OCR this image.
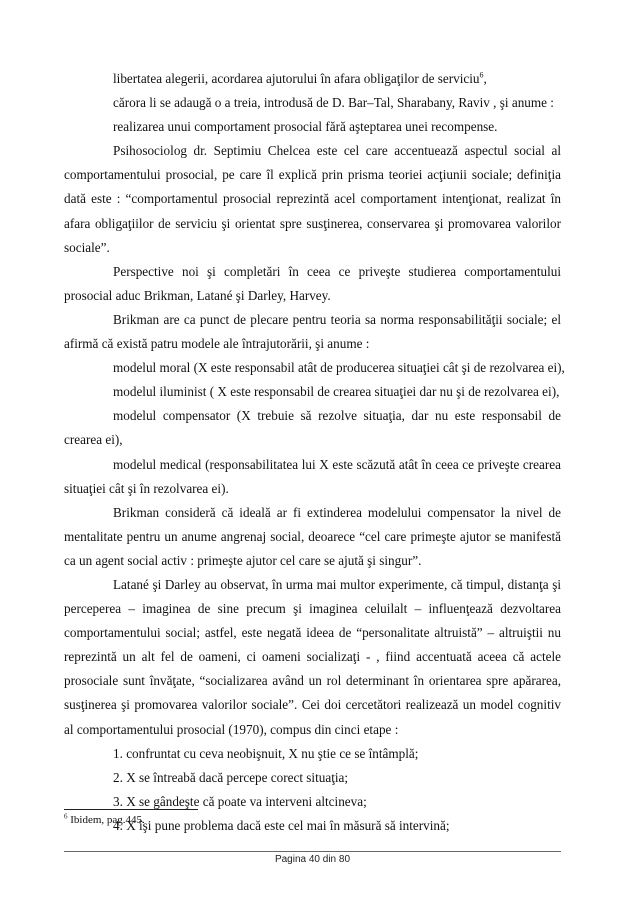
libertatea alegerii, acordarea ajutorului în afara obligaţilor de serviciu$^6$,

cărora li se adaugă o a treia, introdusă de D. Bar–Tal, Sharabany, Raviv , şi anume :

realizarea unui comportament prosocial fără aşteptarea unei recompense.

Psihosociolog dr. Septimiu Chelcea este cel care accentuează aspectul social al comportamentului prosocial, pe care îl explică prin prisma teoriei acţiunii sociale; definiţia dată este : “comportamentul prosocial reprezintă acel comportament intenţionat, realizat în afara obligaţiilor de serviciu şi orientat spre susţinerea, conservarea şi promovarea valorilor sociale”.

Perspective noi şi completări în ceea ce priveşte studierea comportamentului prosocial aduc Brikman, Latané şi Darley, Harvey.

Brikman are ca punct de plecare pentru teoria sa norma responsabilităţii sociale; el afirmă că există patru modele ale întrajutorării, şi anume :

modelul moral (X este responsabil atât de producerea situaţiei cât şi de rezolvarea ei),

modelul iluminist ( X este responsabil de crearea situaţiei dar nu şi de rezolvarea ei),

modelul compensator (X trebuie să rezolve situaţia, dar nu este responsabil de crearea ei),

modelul medical (responsabilitatea lui X este scăzută atât în ceea ce priveşte crearea situaţiei cât şi în rezolvarea ei).

Brikman consideră că ideală ar fi extinderea modelului compensator la nivel de mentalitate pentru un anume angrenaj social, deoarece “cel care primeşte ajutor se manifestă ca un agent social activ : primeşte ajutor cel care se ajută şi singur”.

Latané şi Darley au observat, în urma mai multor experimente, că timpul, distanţa şi perceperea – imaginea de sine precum şi imaginea celuilalt – influenţează dezvoltarea comportamentului social; astfel, este negată ideea de “personalitate altruistă” – altruiştii nu reprezintă un alt fel de oameni, ci oameni socializaţi - , fiind accentuată aceea că actele prosociale sunt învăţate, “socializarea având un rol determinant în orientarea spre apărarea, susţinerea şi promovarea valorilor sociale”. Cei doi cercetători realizează un model cognitiv al comportamentului prosocial (1970), compus din cinci etape :

1. confruntat cu ceva neobişnuit, X nu ştie ce se întâmplă;

2. X se întreabă dacă percepe corect situaţia;

3. X se gândeşte că poate va interveni altcineva;

4. X îşi pune problema dacă este cel mai în măsură să intervină;

$^6$ Ibidem, pag.445.
Pagina 40 din 80
